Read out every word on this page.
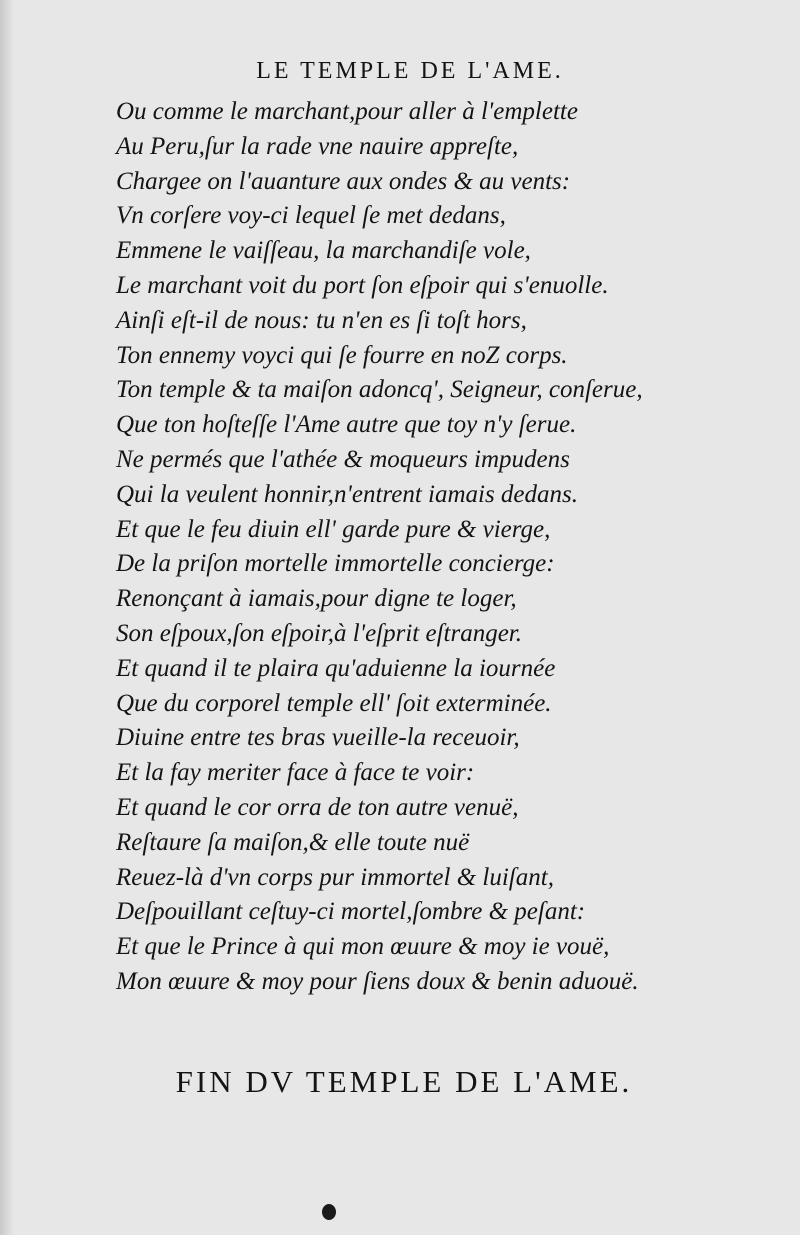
LE TEMPLE DE L'AME.
Ou comme le marchant,pour aller à l'emplette
Au Peru,ſur la rade vne nauire appreſte,
Chargee on l'auanture aux ondes & au vents:
Vn corſere voy-ci lequel ſe met dedans,
Emmene le vaiſſeau, la marchandiſe vole,
Le marchant voit du port ſon eſpoir qui s'enuolle.
Ainſi eſt-il de nous: tu n'en es ſi toſt hors,
Ton ennemy voyci qui ſe fourre en noZ corps.
Ton temple & ta maiſon adoncq', Seigneur, conſerue,
Que ton hoſteſſe l'Ame autre que toy n'y ſerue.
Ne permés que l'athée & moqueurs impudens
Qui la veulent honnir,n'entrent iamais dedans.
Et que le feu diuin ell' garde pure & vierge,
De la priſon mortelle immortelle concierge:
Renonçant à iamais,pour digne te loger,
Son eſpoux,ſon eſpoir,à l'eſprit eſtranger.
Et quand il te plaira qu'aduienne la iournée
Que du corporel temple ell' ſoit exterminée.
Diuine entre tes bras vueille-la receuoir,
Et la fay meriter face à face te voir:
Et quand le cor orra de ton autre venuë,
Reſtaure ſa maiſon,& elle toute nuë
Reuez-là d'vn corps pur immortel & luiſant,
Deſpouillant ceſtuy-ci mortel,ſombre & peſant:
Et que le Prince à qui mon œuure & moy ie vouë,
Mon œuure & moy pour ſiens doux & benin aduouë.
FIN DV TEMPLE DE L'AME.
